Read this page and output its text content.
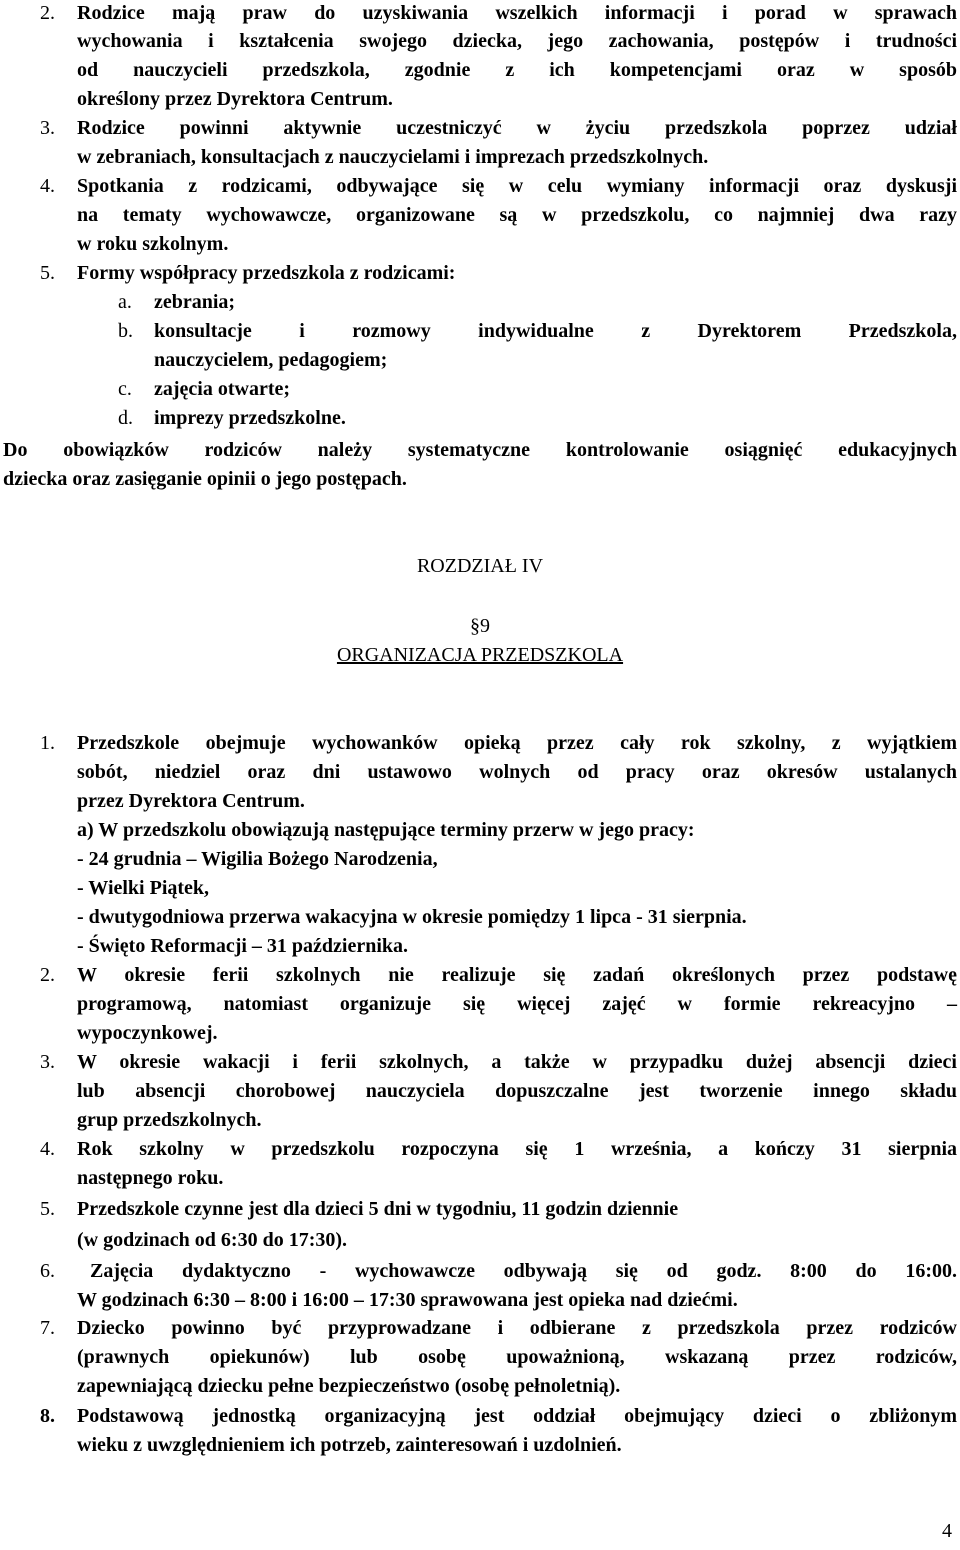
2. Rodzice mają praw do uzyskiwania wszelkich informacji i porad w sprawach
wychowania i kształcenia swojego dziecka, jego zachowania, postępów i trudności
od nauczycieli przedszkola, zgodnie z ich kompetencjami oraz w sposób
określony przez Dyrektora Centrum.
3. Rodzice powinni aktywnie uczestniczyć w życiu przedszkola poprzez udział
w zebraniach, konsultacjach z nauczycielami i imprezach przedszkolnych.
4. Spotkania z rodzicami, odbywające się w celu wymiany informacji oraz dyskusji
na tematy wychowawcze, organizowane są w przedszkolu, co najmniej dwa razy
w roku szkolnym.
5. Formy współpracy przedszkola z rodzicami:
a. zebrania;
b. konsultacje i rozmowy indywidualne z Dyrektorem Przedszkola,
nauczycielem, pedagogiem;
c. zajęcia otwarte;
d. imprezy przedszkolne.
Do obowiązków rodziców należy systematyczne kontrolowanie osiągnięć edukacyjnych
dziecka oraz zasięganie opinii o jego postępach.
ROZDZIAŁ IV
§9
ORGANIZACJA PRZEDSZKOLA
1. Przedszkole obejmuje wychowanków opieką przez cały rok szkolny, z wyjątkiem
sobót, niedziel oraz dni ustawowo wolnych od pracy oraz okresów ustalanych
przez Dyrektora Centrum.
a) W przedszkolu obowiązują następujące terminy przerw w jego pracy:
- 24 grudnia – Wigilia Bożego Narodzenia,
- Wielki Piątek,
- dwutygodniowa przerwa wakacyjna w okresie pomiędzy 1 lipca - 31 sierpnia.
- Święto Reformacji – 31 października.
2. W okresie ferii szkolnych nie realizuje się zadań określonych przez podstawę
programową, natomiast organizuje się więcej zajęć w formie rekreacyjno –
wypoczynkowej.
3. W okresie wakacji i ferii szkolnych, a także w przypadku dużej absencji dzieci
lub absencji chorobowej nauczyciela dopuszczalne jest tworzenie innego składu
grup przedszkolnych.
4. Rok szkolny w przedszkolu rozpoczyna się 1 września, a kończy 31 sierpnia
następnego roku.
5. Przedszkole czynne jest dla dzieci 5 dni w tygodniu, 11 godzin dziennie
(w godzinach od 6:30 do 17:30).
6. Zajęcia dydaktyczno - wychowawcze odbywają się od godz. 8:00 do 16:00.
W godzinach 6:30 – 8:00 i 16:00 – 17:30 sprawowana jest opieka nad dziećmi.
7. Dziecko powinno być przyprowadzane i odbierane z przedszkola przez rodziców
(prawnych opiekunów) lub osobę upoważnioną, wskazaną przez rodziców,
zapewniającą dziecku pełne bezpieczeństwo (osobę pełnoletnią).
8. Podstawową jednostką organizacyjną jest oddział obejmujący dzieci o zbliżonym
wieku z uwzględnieniem ich potrzeb, zainteresowań i uzdolnień.
4
